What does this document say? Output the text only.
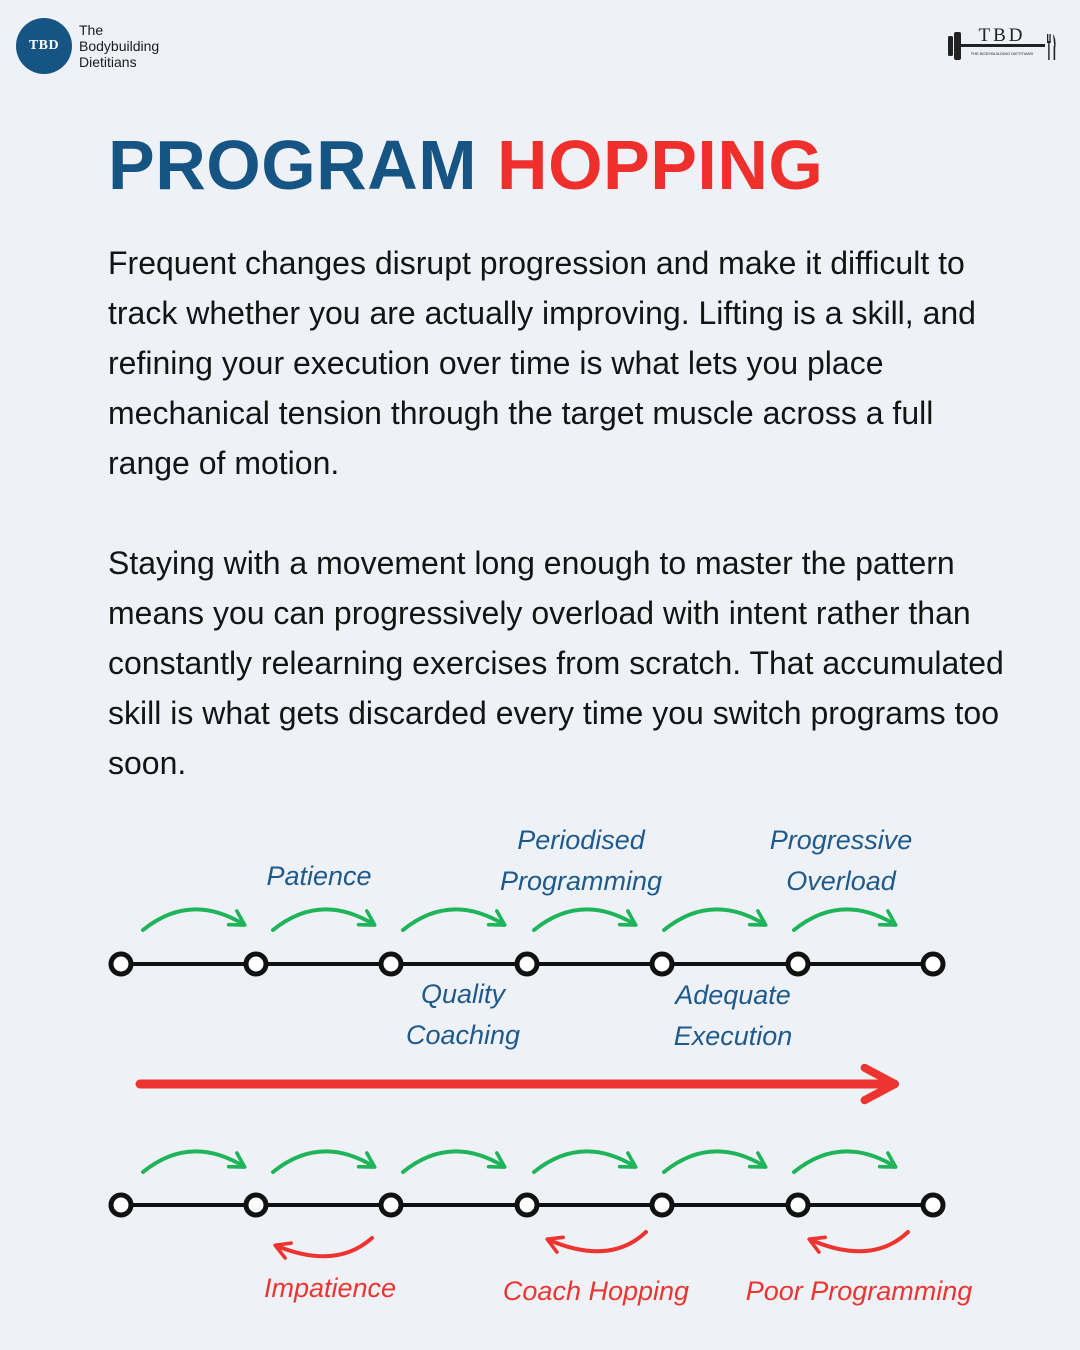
TBD
The
Bodybuilding
Dietitians
TBD
THE BODYBUILDING DIETITIANS
PROGRAM HOPPING

Frequent changes disrupt progression and make it difficult to track whether you are actually improving. Lifting is a skill, and refining your execution over time is what lets you place mechanical tension through the target muscle across a full range of motion.

Staying with a movement long enough to master the pattern means you can progressively overload with intent rather than constantly relearning exercises from scratch. That accumulated skill is what gets discarded every time you switch programs too soon.

Patience
Periodised
Programming
Progressive
Overload
Quality
Coaching
Adequate
Execution
Impatience	Coach Hopping Poor Programming
